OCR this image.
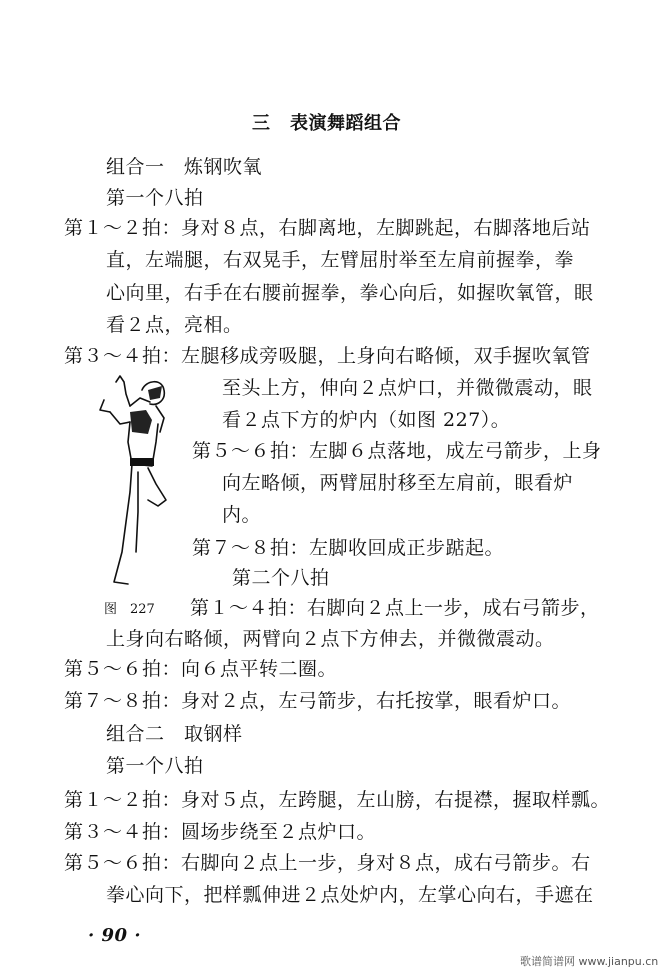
三 表演舞蹈组合
组合一　炼钢吹氧
第一个八拍
第１～２拍：身对８点，右脚离地，左脚跳起，右脚落地后站
直，左端腿，右双晃手，左臂屈肘举至左肩前握拳，拳
心向里，右手在右腰前握拳，拳心向后，如握吹氧管，眼
看２点，亮相。
第３～４拍：左腿移成旁吸腿，上身向右略倾，双手握吹氧管
至头上方，伸向２点炉口，并微微震动，眼
看２点下方的炉内（如图 227）。
第５～６拍：左脚６点落地，成左弓箭步，上身
向左略倾，两臂屈肘移至左肩前，眼看炉
内。
第７～８拍：左脚收回成正步踮起。
第二个八拍
图　227 第１～４拍：右脚向２点上一步，成右弓箭步，
上身向右略倾，两臂向２点下方伸去，并微微震动。
第５～６拍：向６点平转二圈。
第７～８拍：身对２点，左弓箭步，右托按掌，眼看炉口。
组合二　取钢样
第一个八拍
第１～２拍：身对５点，左跨腿，左山膀，右提襟，握取样瓢。
第３～４拍：圆场步绕至２点炉口。
第５～６拍：右脚向２点上一步，身对８点，成右弓箭步。右
拳心向下，把样瓢伸进２点处炉内，左掌心向右，手遮在
· 90 ·
歌谱简谱网 www.jianpu.cn
